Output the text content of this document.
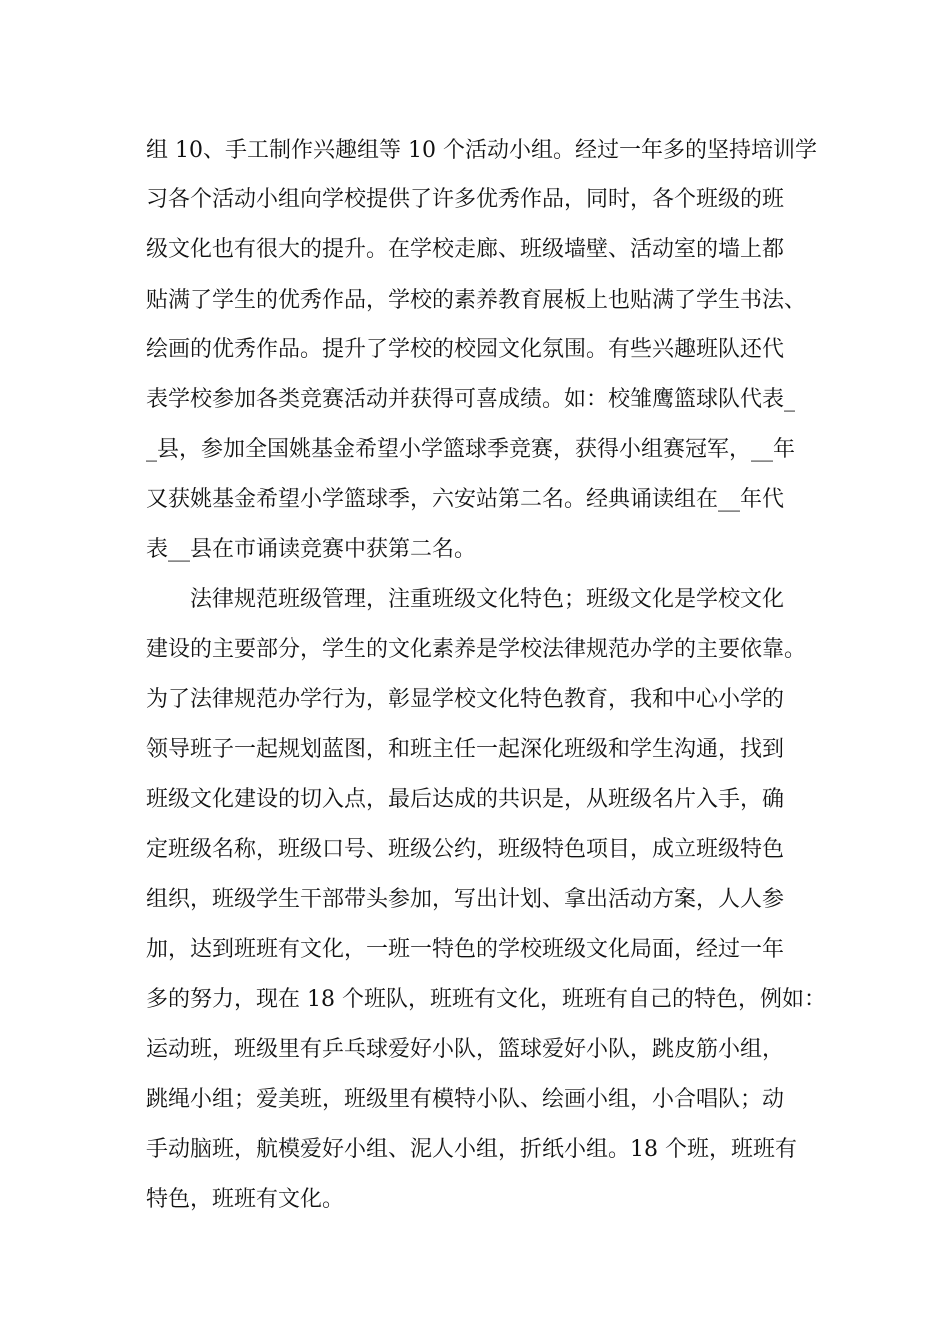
组 10、手工制作兴趣组等 10 个活动小组。经过一年多的坚持培训学
习各个活动小组向学校提供了许多优秀作品，同时，各个班级的班
级文化也有很大的提升。在学校走廊、班级墙壁、活动室的墙上都
贴满了学生的优秀作品，学校的素养教育展板上也贴满了学生书法、
绘画的优秀作品。提升了学校的校园文化氛围。有些兴趣班队还代
表学校参加各类竞赛活动并获得可喜成绩。如：校雏鹰篮球队代表_
_县，参加全国姚基金希望小学篮球季竞赛，获得小组赛冠军，__年
又获姚基金希望小学篮球季，六安站第二名。经典诵读组在__年代
表__县在市诵读竞赛中获第二名。
法律规范班级管理，注重班级文化特色；班级文化是学校文化
建设的主要部分，学生的文化素养是学校法律规范办学的主要依靠。
为了法律规范办学行为，彰显学校文化特色教育，我和中心小学的
领导班子一起规划蓝图，和班主任一起深化班级和学生沟通，找到
班级文化建设的切入点，最后达成的共识是，从班级名片入手，确
定班级名称，班级口号、班级公约，班级特色项目，成立班级特色
组织，班级学生干部带头参加，写出计划、拿出活动方案，人人参
加，达到班班有文化，一班一特色的学校班级文化局面，经过一年
多的努力，现在 18 个班队，班班有文化，班班有自己的特色，例如：
运动班，班级里有乒乓球爱好小队，篮球爱好小队，跳皮筋小组，
跳绳小组；爱美班，班级里有模特小队、绘画小组，小合唱队；动
手动脑班，航模爱好小组、泥人小组，折纸小组。18 个班，班班有
特色，班班有文化。
